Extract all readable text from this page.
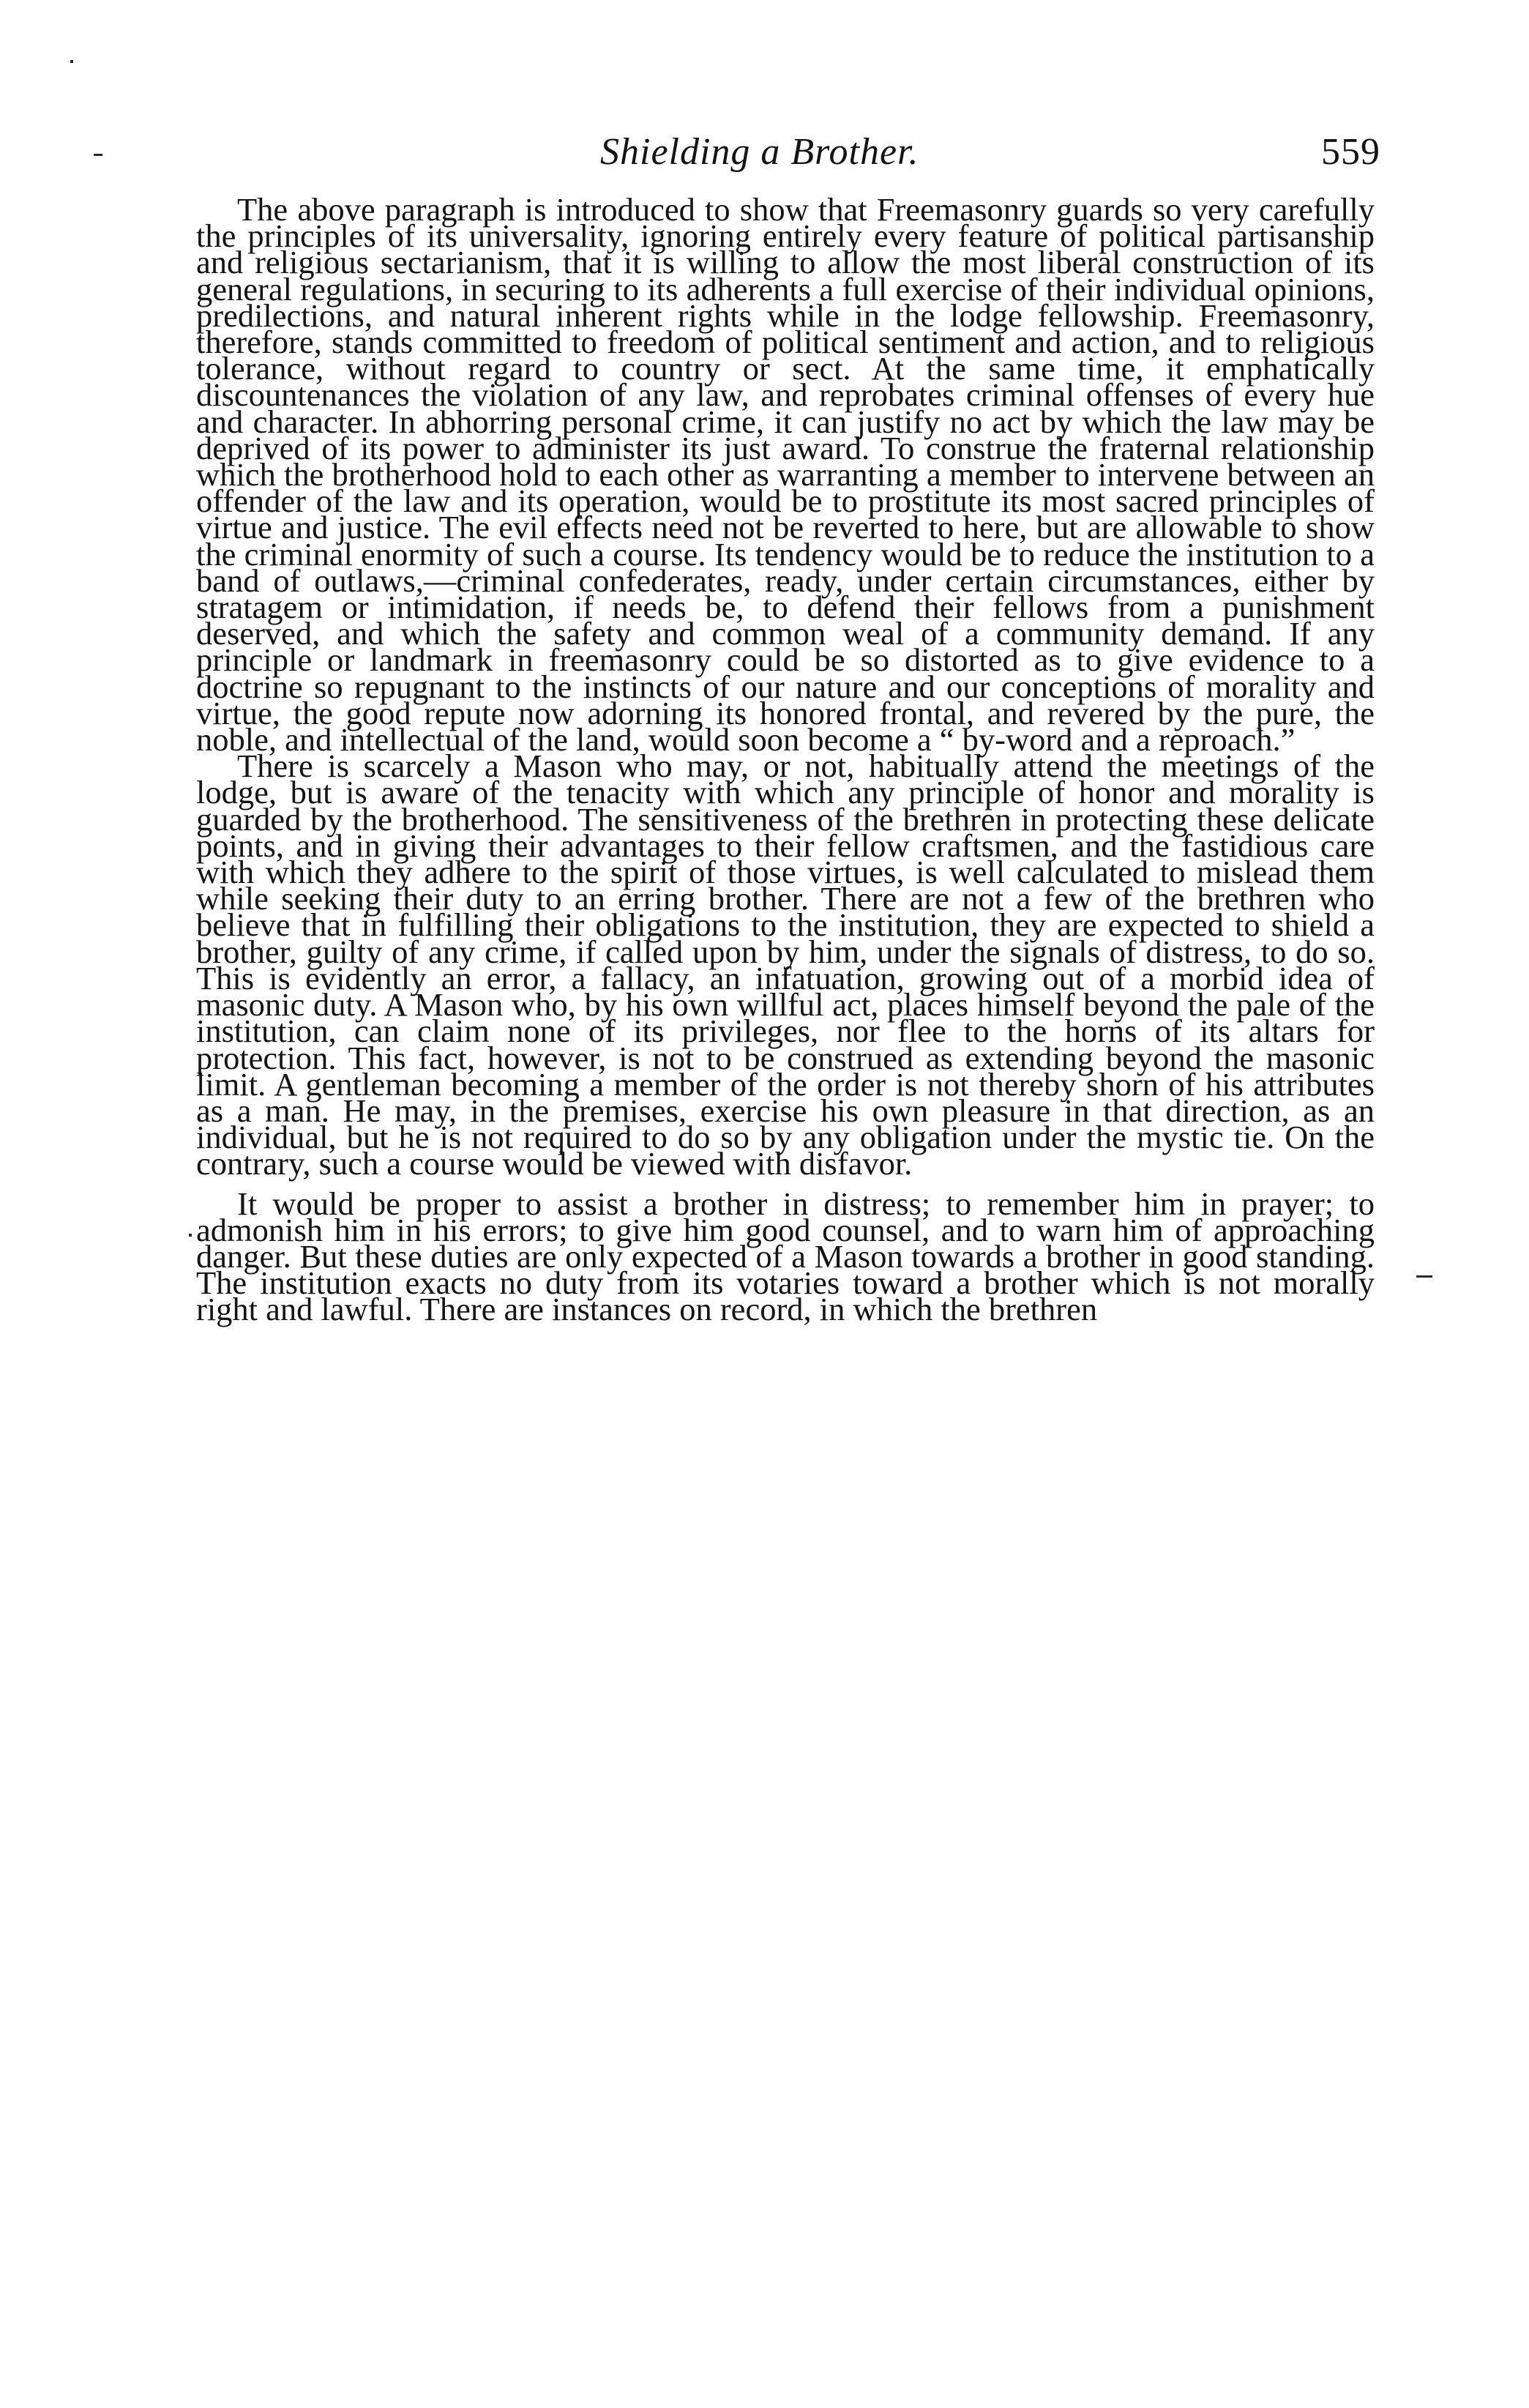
Shielding a Brother.	559

The above paragraph is introduced to show that Freemasonry guards so very carefully the principles of its universality, ignoring entirely every feature of political partisanship and religious sectarianism, that it is willing to allow the most liberal construction of its general regulations, in securing to its adherents a full exercise of their individual opinions, predilections, and natural inherent rights while in the lodge fellowship. Freemasonry, therefore, stands committed to freedom of political sentiment and action, and to religious tolerance, without regard to country or sect. At the same time, it emphatically discountenances the violation of any law, and reprobates criminal offenses of every hue and character. In abhorring personal crime, it can justify no act by which the law may be deprived of its power to administer its just award. To construe the fraternal relationship which the brotherhood hold to each other as warranting a member to intervene between an offender of the law and its operation, would be to prostitute its most sacred principles of virtue and justice. The evil effects need not be reverted to here, but are allowable to show the criminal enormity of such a course. Its tendency would be to reduce the institution to a band of outlaws,—criminal confederates, ready, under certain circumstances, either by stratagem or intimidation, if needs be, to defend their fellows from a punishment deserved, and which the safety and common weal of a community demand. If any principle or landmark in freemasonry could be so distorted as to give evidence to a doctrine so repugnant to the instincts of our nature and our conceptions of morality and virtue, the good repute now adorning its honored frontal, and revered by the pure, the noble, and intellectual of the land, would soon become a “ by-word and a reproach.”

There is scarcely a Mason who may, or not, habitually attend the meetings of the lodge, but is aware of the tenacity with which any principle of honor and morality is guarded by the brotherhood. The sensitiveness of the brethren in protecting these delicate points, and in giving their advantages to their fellow craftsmen, and the fastidious care with which they adhere to the spirit of those virtues, is well calculated to mislead them while seeking their duty to an erring brother. There are not a few of the brethren who believe that in fulfilling their obligations to the institution, they are expected to shield a brother, guilty of any crime, if called upon by him, under the signals of distress, to do so. This is evidently an error, a fallacy, an infatuation, growing out of a morbid idea of masonic duty. A Mason who, by his own willful act, places himself beyond the pale of the institution, can claim none of its privileges, nor flee to the horns of its altars for protection. This fact, however, is not to be construed as extending beyond the masonic limit. A gentleman becoming a member of the order is not thereby shorn of his attributes as a man. He may, in the premises, exercise his own pleasure in that direction, as an individual, but he is not required to do so by any obligation under the mystic tie. On the contrary, such a course would be viewed with disfavor.

It would be proper to assist a brother in distress; to remember him in prayer; to admonish him in his errors; to give him good counsel, and to warn him of approaching danger. But these duties are only expected of a Mason towards a brother in good standing. The institution exacts no duty from its votaries toward a brother which is not morally right and lawful. There are instances on record, in which the brethren
